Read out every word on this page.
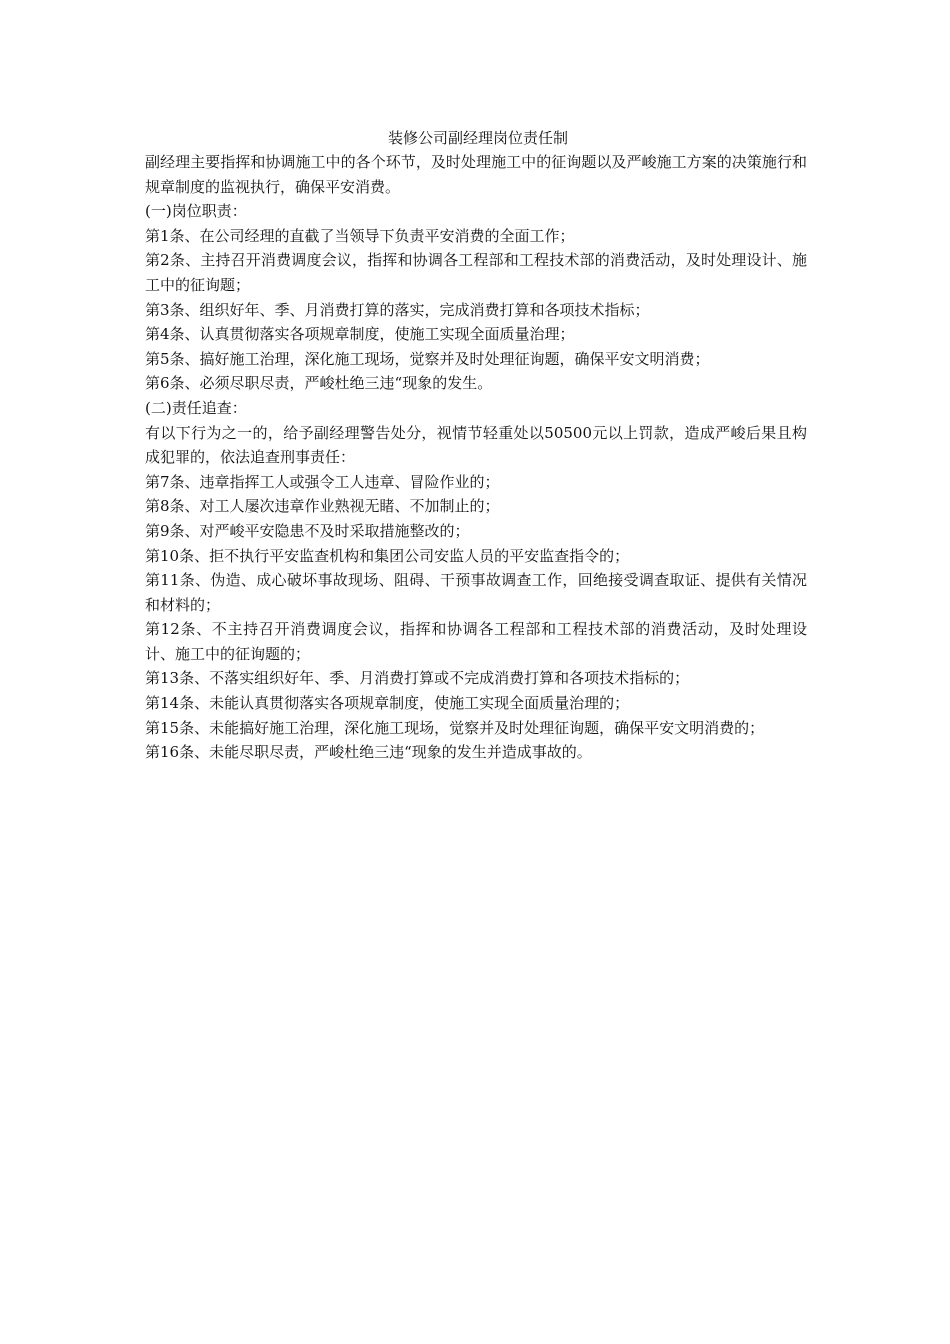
装修公司副经理岗位责任制

副经理主要指挥和协调施工中的各个环节，及时处理施工中的征询题以及严峻施工方案的决策施行和规章制度的监视执行，确保平安消费。

(一)岗位职责：

第1条、在公司经理的直截了当领导下负责平安消费的全面工作；

第2条、主持召开消费调度会议，指挥和协调各工程部和工程技术部的消费活动，及时处理设计、施工中的征询题；

第3条、组织好年、季、月消费打算的落实，完成消费打算和各项技术指标；

第4条、认真贯彻落实各项规章制度，使施工实现全面质量治理；

第5条、搞好施工治理，深化施工现场，觉察并及时处理征询题，确保平安文明消费；

第6条、必须尽职尽责，严峻杜绝三违“现象的发生。

(二)责任追查：

有以下行为之一的，给予副经理警告处分，视情节轻重处以50500元以上罚款，造成严峻后果且构成犯罪的，依法追查刑事责任：

第7条、违章指挥工人或强令工人违章、冒险作业的；

第8条、对工人屡次违章作业熟视无睹、不加制止的；

第9条、对严峻平安隐患不及时采取措施整改的；

第10条、拒不执行平安监查机构和集团公司安监人员的平安监查指令的；

第11条、伪造、成心破坏事故现场、阻碍、干预事故调查工作，回绝接受调查取证、提供有关情况和材料的；

第12条、不主持召开消费调度会议，指挥和协调各工程部和工程技术部的消费活动，及时处理设计、施工中的征询题的；

第13条、不落实组织好年、季、月消费打算或不完成消费打算和各项技术指标的；

第14条、未能认真贯彻落实各项规章制度，使施工实现全面质量治理的；

第15条、未能搞好施工治理，深化施工现场，觉察并及时处理征询题，确保平安文明消费的；

第16条、未能尽职尽责，严峻杜绝三违“现象的发生并造成事故的。
